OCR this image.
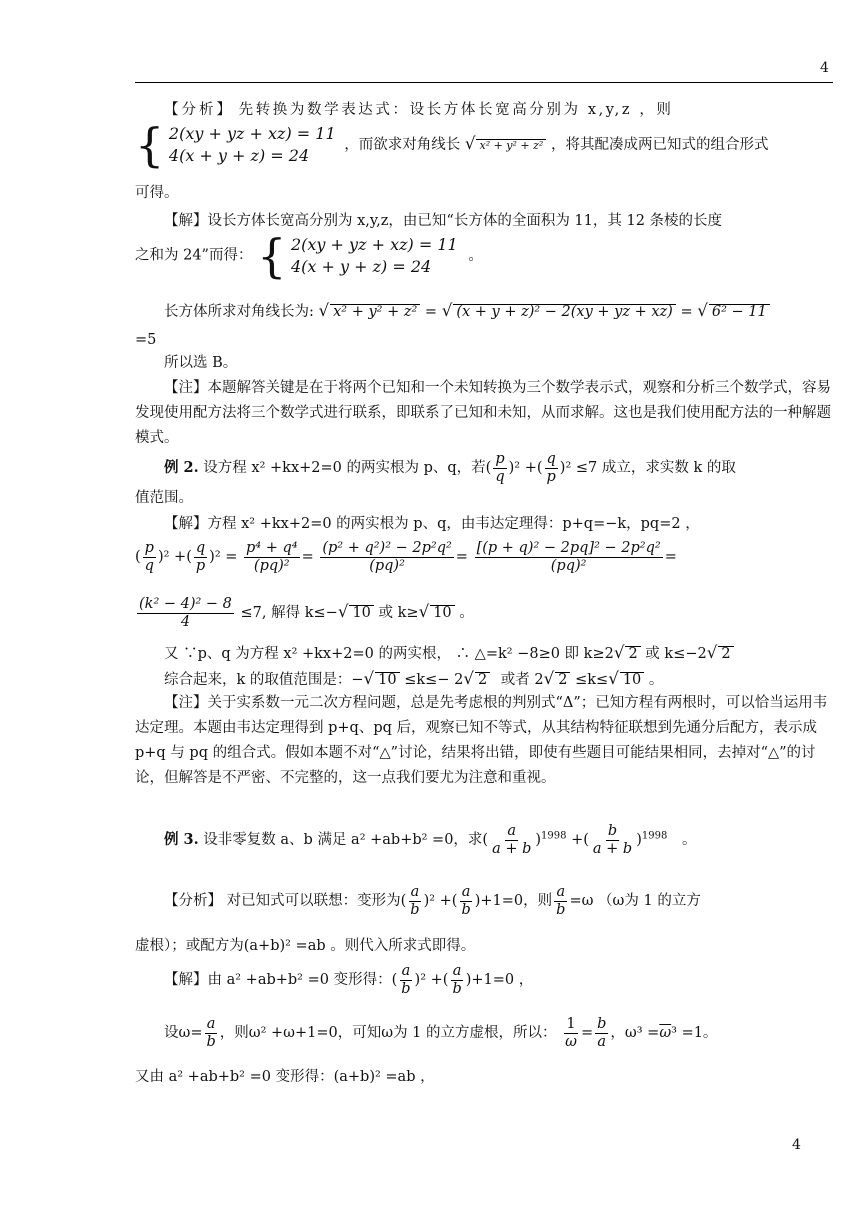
4
【分析】 先转换为数学表达式：设长方体长宽高分别为 x,y,z ，则
{ 2(xy + yz + xz) = 11
4(x + y + z) = 24 ，而欲求对角线长 √ x² + y² + z² ，将其配凑成两已知式的组合形式
可得。
【解】设长方体长宽高分别为 x,y,z，由已知“长方体的全面积为 11，其 12 条棱的长度
之和为 24”而得： { 2(xy + yz + xz) = 11
4(x + y + z) = 24 。
长方体所求对角线长为: √ x² + y² + z² = √ (x + y + z)² − 2(xy + yz + xz) = √ 6² − 11
=5
所以选 B。

【注】本题解答关键是在于将两个已知和一个未知转换为三个数学表示式，观察和分析三个数学式，容易发现使用配方法将三个数学式进行联系，即联系了已知和未知，从而求解。这也是我们使用配方法的一种解题模式。

例 2. 设方程 x² +kx+2=0 的两实根为 p、q，若( $\frac{p}{q} )^2$ +( $\frac{q}{p} )^2 \le 7$ 成立，求实数 k 的取
值范围。
【解】方程 x² +kx+2=0 的两实根为 p、q，由韦达定理得：p+q=−k，pq=2 ，
( $\frac{p}{q} )^2$ +( $\frac{q}{p} )^2 = \frac{\text{p⁴ + q⁴}}{\text{(pq)²}} = \frac{\text{(p² + q²)² − 2p²q²}}{\text{(pq)²}} = \frac{\text{[(p + q)² − 2pq]² − 2p²q²}}{\text{(pq)²}}$ =
$\frac{\text{(k² − 4)² − 8}}{4} \le 7$, 解得 k≤−√ 10 或 k≥√ 10 。
又 ∵p、q 为方程 x² +kx+2=0 的两实根， ∴ △=k² −8≥0 即 k≥2√ 2 或 k≤−2√ 2
综合起来，k 的取值范围是：−√ 10 ≤k≤− 2√ 2 或者 2√ 2 ≤k≤√ 10 。

【注】关于实系数一元二次方程问题，总是先考虑根的判别式“Δ”；已知方程有两根时，可以恰当运用韦达定理。本题由韦达定理得到 p+q、pq 后，观察已知不等式，从其结构特征联想到先通分后配方，表示成 p+q 与 pq 的组合式。假如本题不对“△”讨论，结果将出错，即使有些题目可能结果相同，去掉对“△”的讨论，但解答是不严密、不完整的，这一点我们要尤为注意和重视。

例 3. 设非零复数 a、b 满足 a² +ab+b² =0，求( $\frac{a}{a + b} )^{1998}$ +( $\frac{b}{a + b} )^{1998}$ 。
【分析】 对已知式可以联想：变形为( $\frac{a}{b} )^2$ +( $\frac{a}{b} )+1=0$，则 $\frac{a}{b} =\omega$ （ω为 1 的立方
虚根）；或配方为(a+b)² =ab 。则代入所求式即得。
【解】由 a² +ab+b² =0 变形得：( $\frac{a}{b} )^2$ +( $\frac{a}{b} )+1=0$ ，
设$\omega= \frac{a}{b}$ ，则ω² +ω+1=0，可知ω为 1 的立方虚根，所以： $\frac{1}{\omega} = \frac{b}{a}$ ，$\omega^3 =\overline{\omega}^3 =1$。
又由 a² +ab+b² =0 变形得：(a+b)² =ab ，
4
